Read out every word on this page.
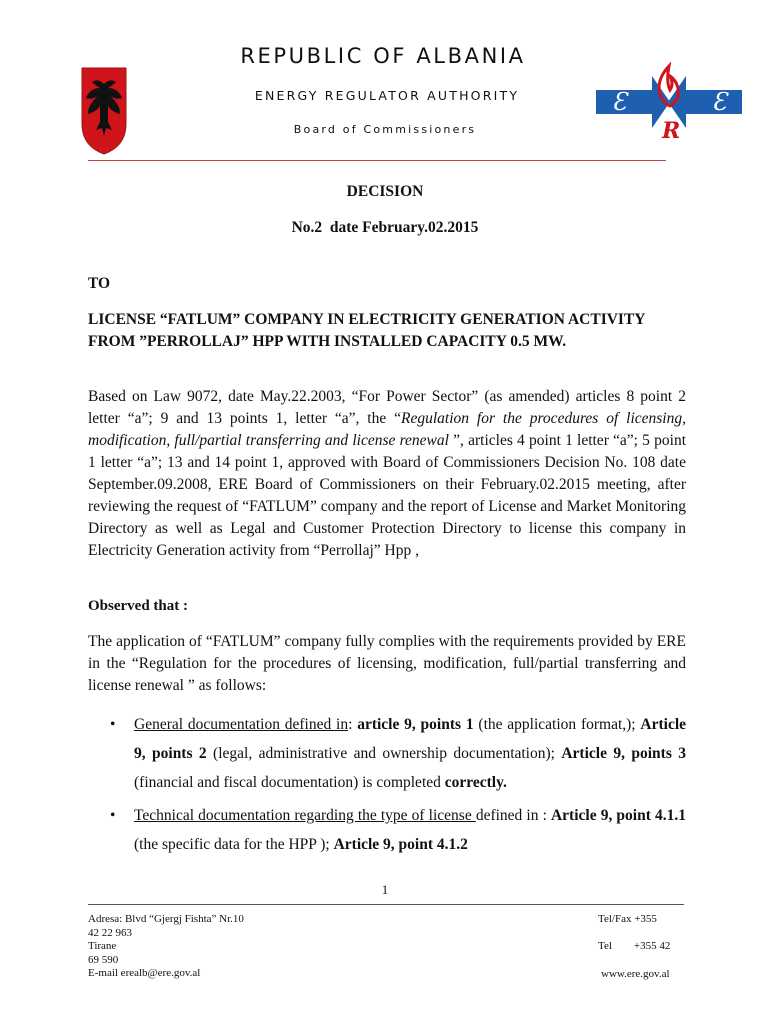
REPUBLIC OF ALBANIA
ENERGY REGULATOR AUTHORITY
Board of Commissioners
Ɛ	Ɛ
R
DECISION
No.2 date February.02.2015
TO
LICENSE “FATLUM” COMPANY IN ELECTRICITY GENERATION ACTIVITY FROM ”PERROLLAJ” HPP WITH INSTALLED CAPACITY 0.5 MW.
Based on Law 9072, date May.22.2003, “For Power Sector” (as amended) articles 8 point 2 letter “a”; 9 and 13 points 1, letter “a”, the “Regulation for the procedures of licensing, modification, full/partial transferring and license renewal ”, articles 4 point 1 letter “a”; 5 point 1 letter “a”; 13 and 14 point 1, approved with Board of Commissioners Decision No. 108 date September.09.2008, ERE Board of Commissioners on their February.02.2015 meeting, after reviewing the request of “FATLUM” company and the report of License and Market Monitoring Directory as well as Legal and Customer Protection Directory to license this company in Electricity Generation activity from “Perrollaj” Hpp ,
Observed that :
The application of “FATLUM” company fully complies with the requirements provided by ERE in the “Regulation for the procedures of licensing, modification, full/partial transferring and license renewal ” as follows:
• General documentation defined in: article 9, points 1 (the application format,); Article 9, points 2 (legal, administrative and ownership documentation); Article 9, points 3 (financial and fiscal documentation) is completed correctly.
• Technical documentation regarding the type of license defined in : Article 9, point 4.1.1 (the specific data for the HPP ); Article 9, point 4.1.2
1
Adresa: Blvd “Gjergj Fishta” Nr.10
42 22 963
Tirane
69 590
E-mail erealb@ere.gov.al
Tel/Fax +355
Tel +355 42
www.ere.gov.al
